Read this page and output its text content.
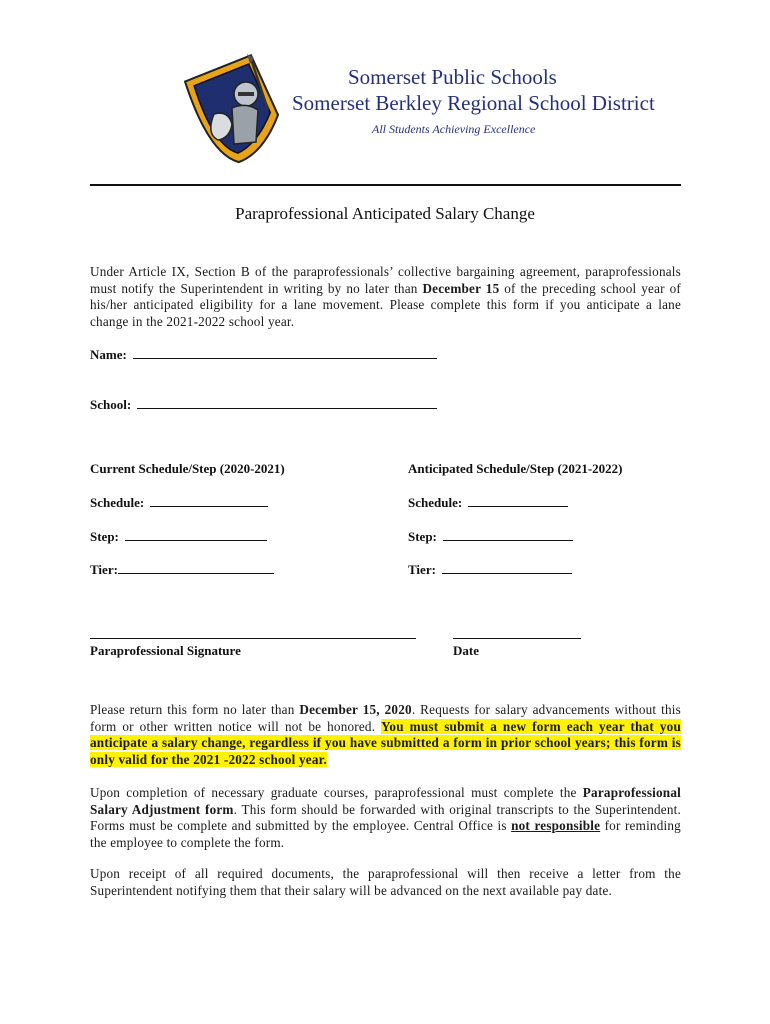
Somerset Public Schools
Somerset Berkley Regional School District
All Students Achieving Excellence
Paraprofessional Anticipated Salary Change
Under Article IX, Section B of the paraprofessionals’ collective bargaining agreement, paraprofessionals must notify the Superintendent in writing by no later than December 15 of the preceding school year of his/her anticipated eligibility for a lane movement. Please complete this form if you anticipate a lane change in the 2021-2022 school year.
Name:
School:
Current Schedule/Step (2020-2021)
Schedule:
Step:
Tier:
Anticipated Schedule/Step (2021-2022)
Schedule:
Step:
Tier:
Paraprofessional Signature	Date
Please return this form no later than December 15, 2020. Requests for salary advancements without this form or other written notice will not be honored. You must submit a new form each year that you anticipate a salary change, regardless if you have submitted a form in prior school years; this form is only valid for the 2021 -2022 school year.
Upon completion of necessary graduate courses, paraprofessional must complete the Paraprofessional Salary Adjustment form. This form should be forwarded with original transcripts to the Superintendent. Forms must be complete and submitted by the employee. Central Office is not responsible for reminding the employee to complete the form.
Upon receipt of all required documents, the paraprofessional will then receive a letter from the Superintendent notifying them that their salary will be advanced on the next available pay date.
